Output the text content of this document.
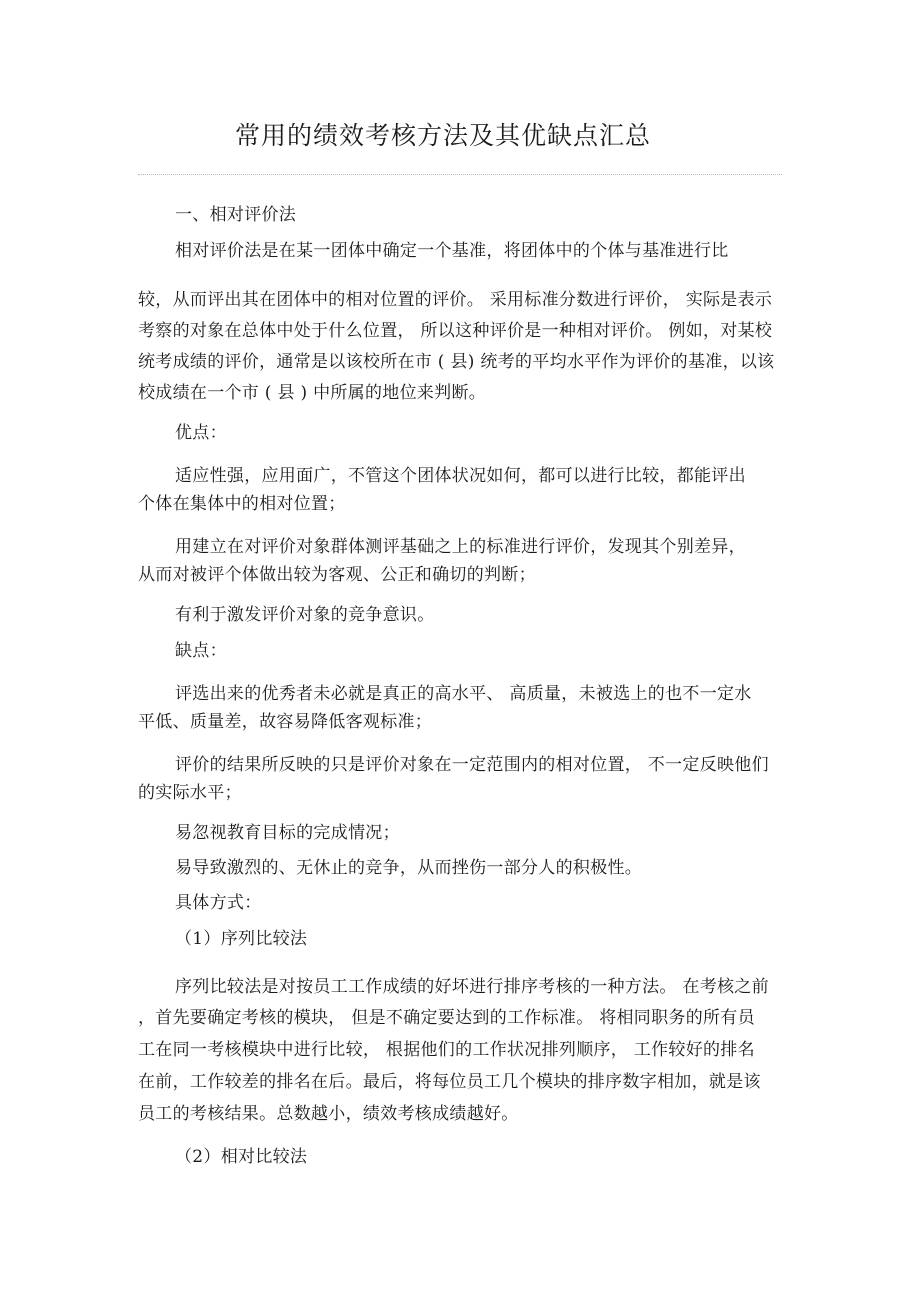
常用的绩效考核方法及其优缺点汇总
一、相对评价法
相对评价法是在某一团体中确定一个基准，将团体中的个体与基准进行比
较，从而评出其在团体中的相对位置的评价。 采用标准分数进行评价， 实际是表示
考察的对象在总体中处于什么位置， 所以这种评价是一种相对评价。 例如，对某校
统考成绩的评价，通常是以该校所在市 ( 县) 统考的平均水平作为评价的基准，以该
校成绩在一个市 ( 县 ) 中所属的地位来判断。
优点：
适应性强，应用面广，不管这个团体状况如何，都可以进行比较，都能评出
个体在集体中的相对位置；
用建立在对评价对象群体测评基础之上的标准进行评价，发现其个别差异，
从而对被评个体做出较为客观、公正和确切的判断；
有利于激发评价对象的竞争意识。
缺点：
评选出来的优秀者未必就是真正的高水平、 高质量，未被选上的也不一定水
平低、质量差，故容易降低客观标准；
评价的结果所反映的只是评价对象在一定范围内的相对位置， 不一定反映他们
的实际水平；
易忽视教育目标的完成情况；
易导致激烈的、无休止的竞争，从而挫伤一部分人的积极性。
具体方式：
（1）序列比较法
序列比较法是对按员工工作成绩的好坏进行排序考核的一种方法。 在考核之前
，首先要确定考核的模块， 但是不确定要达到的工作标准。 将相同职务的所有员
工在同一考核模块中进行比较， 根据他们的工作状况排列顺序， 工作较好的排名
在前，工作较差的排名在后。最后，将每位员工几个模块的排序数字相加，就是该
员工的考核结果。总数越小，绩效考核成绩越好。
（2）相对比较法
